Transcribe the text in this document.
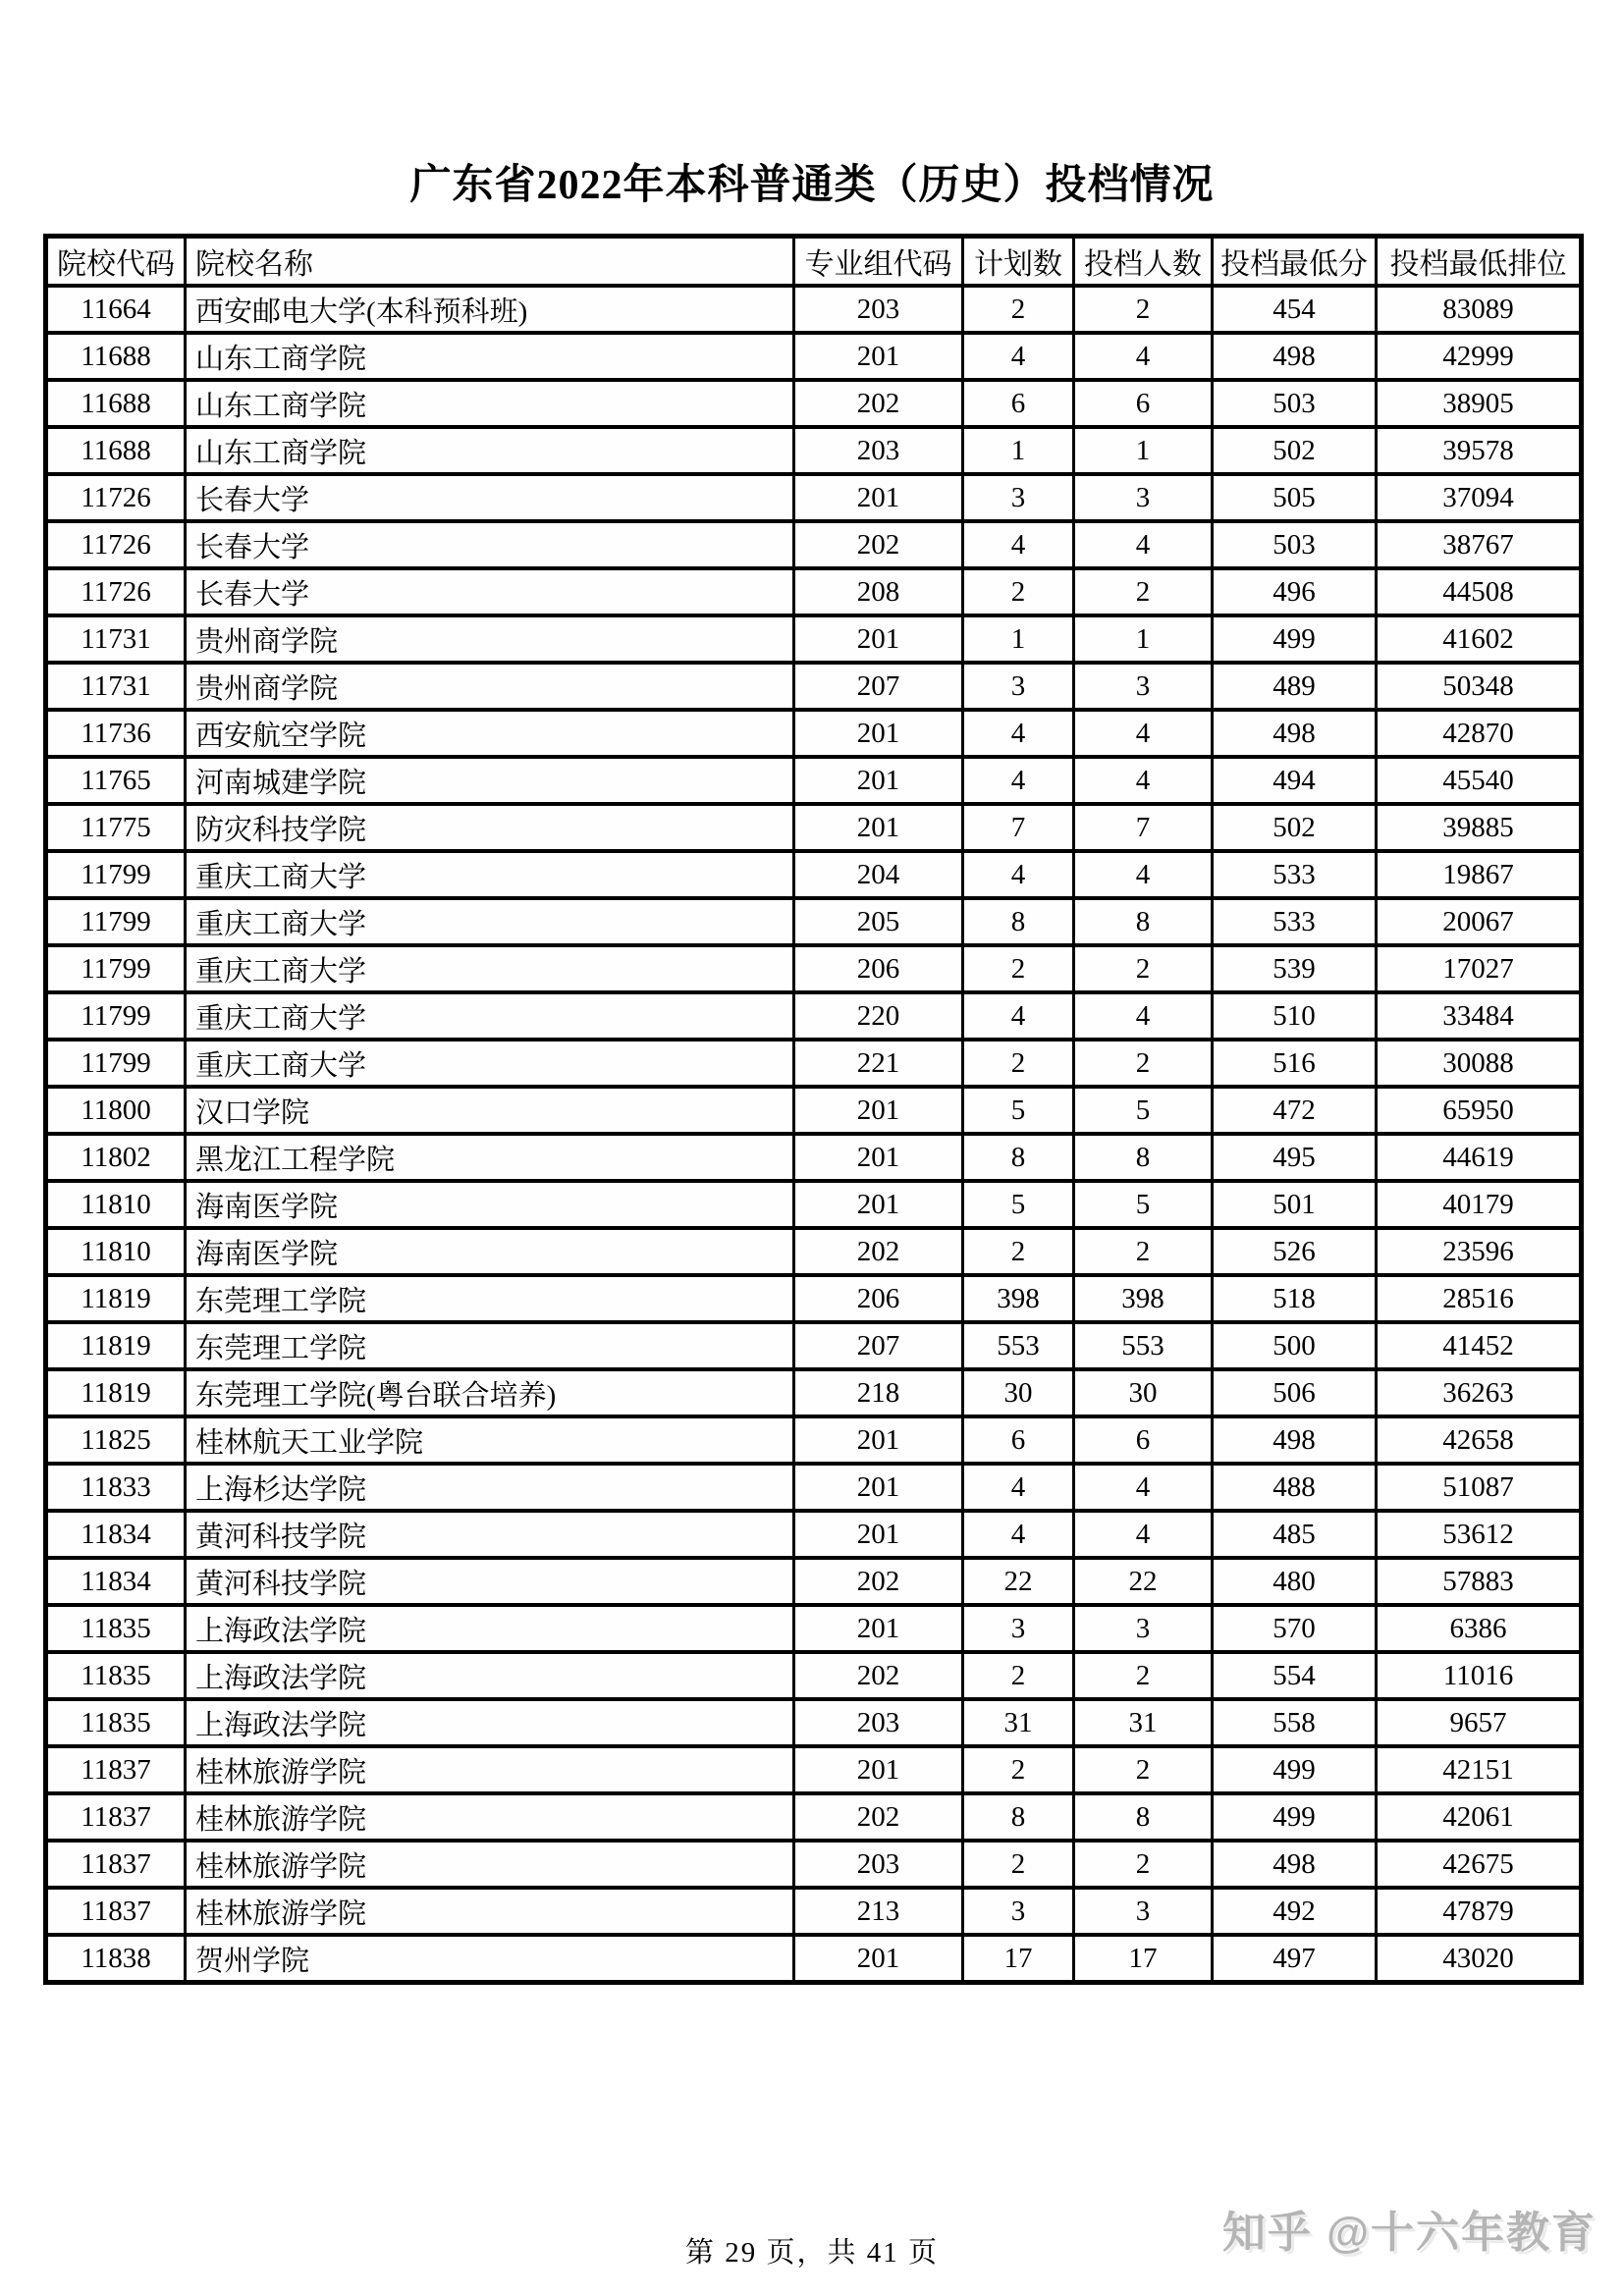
广东省2022年本科普通类（历史）投档情况
院校代码	院校名称	专业组代码	计划数	投档人数	投档最低分	投档最低排位
11664	西安邮电大学(本科预科班)	203	2	2	454	83089
11688	山东工商学院	201	4	4	498	42999
11688	山东工商学院	202	6	6	503	38905
11688	山东工商学院	203	1	1	502	39578
11726	长春大学	201	3	3	505	37094
11726	长春大学	202	4	4	503	38767
11726	长春大学	208	2	2	496	44508
11731	贵州商学院	201	1	1	499	41602
11731	贵州商学院	207	3	3	489	50348
11736	西安航空学院	201	4	4	498	42870
11765	河南城建学院	201	4	4	494	45540
11775	防灾科技学院	201	7	7	502	39885
11799	重庆工商大学	204	4	4	533	19867
11799	重庆工商大学	205	8	8	533	20067
11799	重庆工商大学	206	2	2	539	17027
11799	重庆工商大学	220	4	4	510	33484
11799	重庆工商大学	221	2	2	516	30088
11800	汉口学院	201	5	5	472	65950
11802	黑龙江工程学院	201	8	8	495	44619
11810	海南医学院	201	5	5	501	40179
11810	海南医学院	202	2	2	526	23596
11819	东莞理工学院	206	398	398	518	28516
11819	东莞理工学院	207	553	553	500	41452
11819	东莞理工学院(粤台联合培养)	218	30	30	506	36263
11825	桂林航天工业学院	201	6	6	498	42658
11833	上海杉达学院	201	4	4	488	51087
11834	黄河科技学院	201	4	4	485	53612
11834	黄河科技学院	202	22	22	480	57883
11835	上海政法学院	201	3	3	570	6386
11835	上海政法学院	202	2	2	554	11016
11835	上海政法学院	203	31	31	558	9657
11837	桂林旅游学院	201	2	2	499	42151
11837	桂林旅游学院	202	8	8	499	42061
11837	桂林旅游学院	203	2	2	498	42675
11837	桂林旅游学院	213	3	3	492	47879
11838	贺州学院	201	17	17	497	43020
第 29 页，共 41 页	知乎 @十六年教育
